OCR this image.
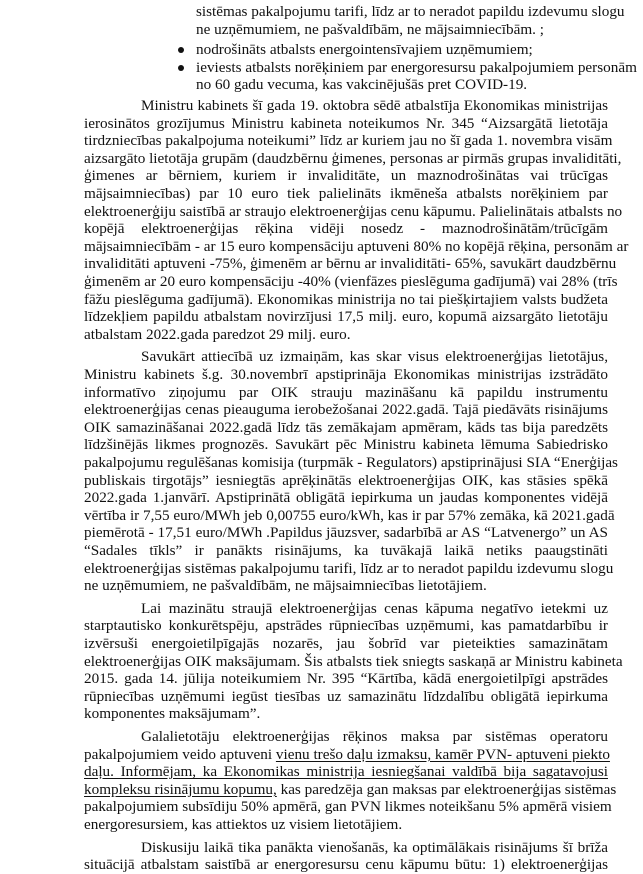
sistēmas pakalpojumu tarifi, līdz ar to neradot papildu izdevumu slogu
ne uzņēmumiem, ne pašvaldībām, ne mājsaimniecībām. ;
nodrošināts atbalsts energointensīvajiem uzņēmumiem;
ieviests atbalsts norēķiniem par energoresursu pakalpojumiem personām
no 60 gadu vecuma, kas vakcinējušās pret COVID-19.
Ministru kabinets šī gada 19. oktobra sēdē atbalstīja Ekonomikas ministrijas
ierosinātos grozījumus Ministru kabineta noteikumos Nr. 345 “Aizsargātā lietotāja
tirdzniecības pakalpojuma noteikumi” līdz ar kuriem jau no šī gada 1. novembra visām
aizsargāto lietotāja grupām (daudzbērnu ģimenes, personas ar pirmās grupas invaliditāti,
ģimenes ar bērniem, kuriem ir invaliditāte, un maznodrošinātas vai trūcīgas
mājsaimniecības) par 10 euro tiek palielināts ikmēneša atbalsts norēķiniem par
elektroenerģiju saistībā ar straujo elektroenerģijas cenu kāpumu. Palielinātais atbalsts no
kopējā elektroenerģijas rēķina vidēji nosedz - maznodrošinātām/trūcīgām
mājsaimniecībām - ar 15 euro kompensāciju aptuveni 80% no kopējā rēķina, personām ar
invaliditāti aptuveni -75%, ģimenēm ar bērnu ar invaliditāti- 65%, savukārt daudzbērnu
ģimenēm ar 20 euro kompensāciju -40% (vienfāzes pieslēguma gadījumā) vai 28% (trīs
fāžu pieslēguma gadījumā). Ekonomikas ministrija no tai piešķirtajiem valsts budžeta
līdzekļiem papildu atbalstam novirzījusi 17,5 milj. euro, kopumā aizsargāto lietotāju
atbalstam 2022.gada paredzot 29 milj. euro.
Savukārt attiecībā uz izmaiņām, kas skar visus elektroenerģijas lietotājus,
Ministru kabinets š.g. 30.novembrī apstiprināja Ekonomikas ministrijas izstrādāto
informatīvo ziņojumu par OIK strauju mazināšanu kā papildu instrumentu
elektroenerģijas cenas pieauguma ierobežošanai 2022.gadā. Tajā piedāvāts risinājums
OIK samazināšanai 2022.gadā līdz tās zemākajam apmēram, kāds tas bija paredzēts
līdzšinējās likmes prognozēs. Savukārt pēc Ministru kabineta lēmuma Sabiedrisko
pakalpojumu regulēšanas komisija (turpmāk - Regulators) apstiprinājusi SIA “Enerģijas
publiskais tirgotājs” iesniegtās aprēķinātās elektroenerģijas OIK, kas stāsies spēkā
2022.gada 1.janvārī. Apstiprinātā obligātā iepirkuma un jaudas komponentes vidējā
vērtība ir 7,55 euro/MWh jeb 0,00755 euro/kWh, kas ir par 57% zemāka, kā 2021.gadā
piemērotā - 17,51 euro/MWh .Papildus jāuzsver, sadarbībā ar AS “Latvenergo” un AS
“Sadales tīkls” ir panākts risinājums, ka tuvākajā laikā netiks paaugstināti
elektroenerģijas sistēmas pakalpojumu tarifi, līdz ar to neradot papildu izdevumu slogu
ne uzņēmumiem, ne pašvaldībām, ne mājsaimniecības lietotājiem.
Lai mazinātu straujā elektroenerģijas cenas kāpuma negatīvo ietekmi uz
starptautisko konkurētspēju, apstrādes rūpniecības uzņēmumi, kas pamatdarbību ir
izvērsuši energoietilpīgajās nozarēs, jau šobrīd var pieteikties samazinātam
elektroenerģijas OIK maksājumam. Šis atbalsts tiek sniegts saskaņā ar Ministru kabineta
2015. gada 14. jūlija noteikumiem Nr. 395 “Kārtība, kādā energoietilpīgi apstrādes
rūpniecības uzņēmumi iegūst tiesības uz samazinātu līdzdalību obligātā iepirkuma
komponentes maksājumam”.
Galalietotāju elektroenerģijas rēķinos maksa par sistēmas operatoru
pakalpojumiem veido aptuveni vienu trešo daļu izmaksu, kamēr PVN- aptuveni piekto
daļu. Informējam, ka Ekonomikas ministrija iesniegšanai valdībā bija sagatavojusi
kompleksu risinājumu kopumu, kas paredzēja gan maksas par elektroenerģijas sistēmas
pakalpojumiem subsīdiju 50% apmērā, gan PVN likmes noteikšanu 5% apmērā visiem
energoresursiem, kas attiektos uz visiem lietotājiem.
Diskusiju laikā tika panākta vienošanās, ka optimālākais risinājums šī brīža
situācijā atbalstam saistībā ar energoresursu cenu kāpumu būtu: 1) elektroenerģijas
